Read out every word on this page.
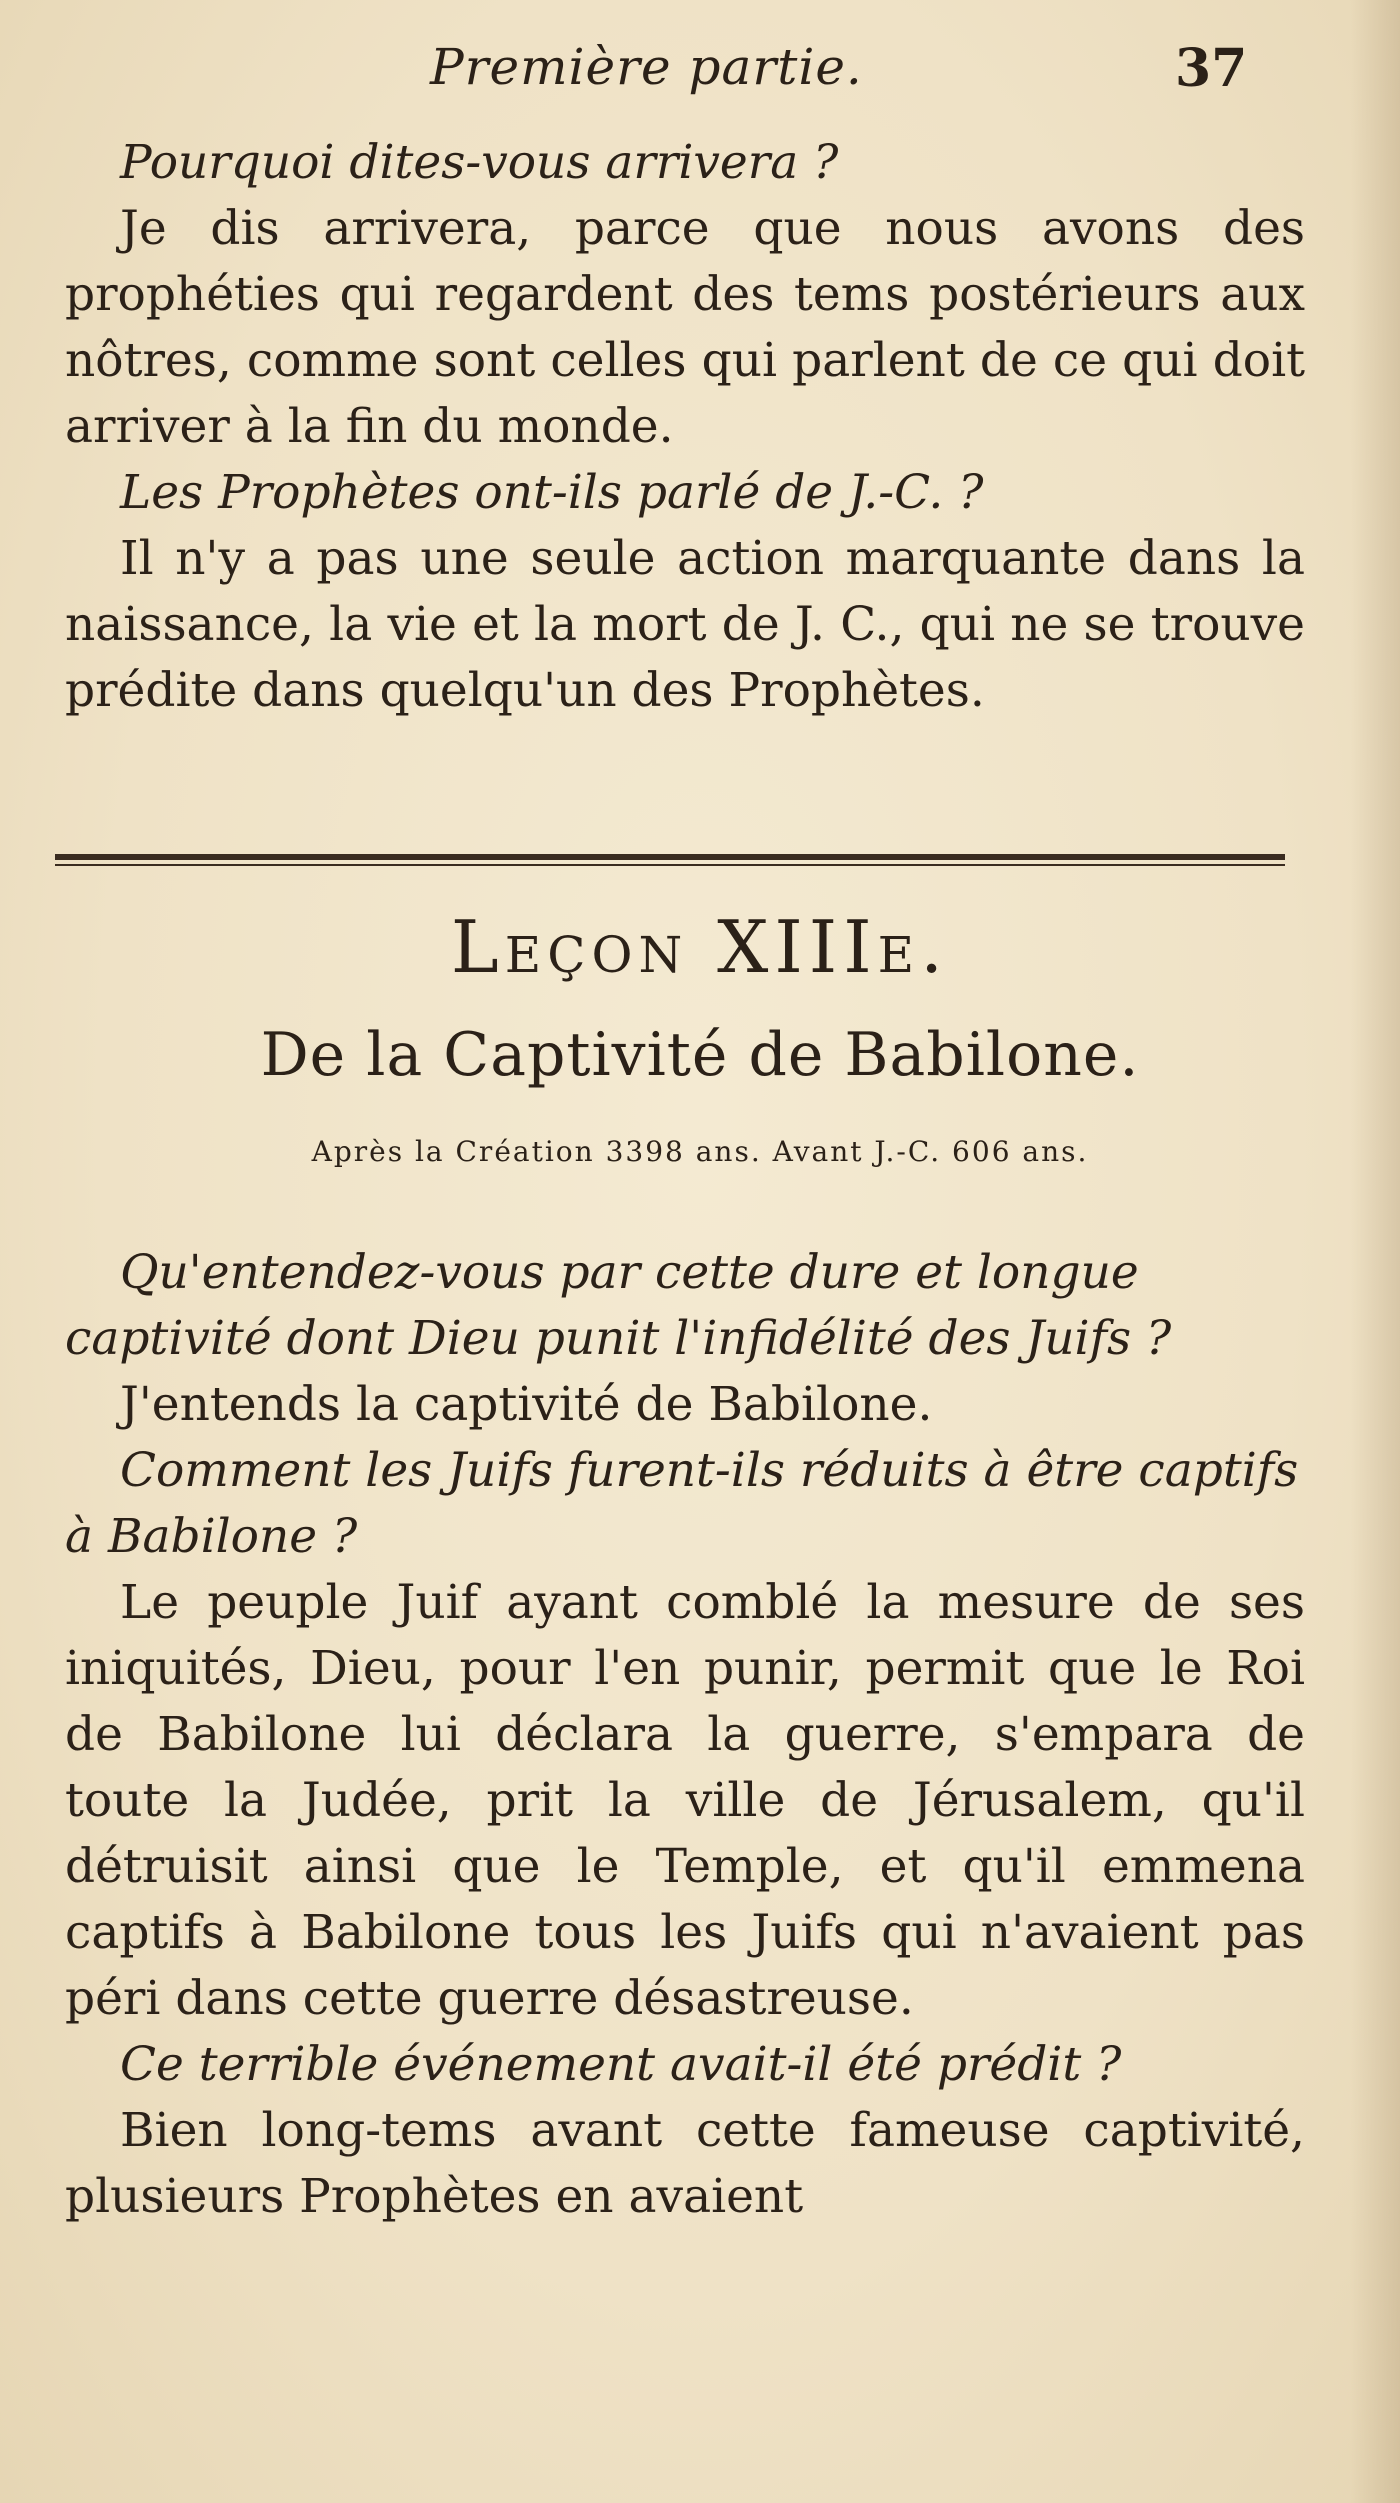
Première partie.	37

Pourquoi dites-vous arrivera ?

Je dis arrivera, parce que nous avons des prophéties qui regardent des tems postérieurs aux nôtres, comme sont celles qui parlent de ce qui doit arriver à la fin du monde.

Les Prophètes ont-ils parlé de J.-C. ?

Il n'y a pas une seule action marquante dans la naissance, la vie et la mort de J. C., qui ne se trouve prédite dans quelqu'un des Prophètes.

Leçon XIIIe.
De la Captivité de Babilone.
Après la Création 3398 ans. Avant J.-C. 606 ans.

Qu'entendez-vous par cette dure et longue captivité dont Dieu punit l'infidélité des Juifs ?

J'entends la captivité de Babilone.

Comment les Juifs furent-ils réduits à être captifs à Babilone ?

Le peuple Juif ayant comblé la mesure de ses iniquités, Dieu, pour l'en punir, permit que le Roi de Babilone lui déclara la guerre, s'empara de toute la Judée, prit la ville de Jérusalem, qu'il détruisit ainsi que le Temple, et qu'il emmena captifs à Babilone tous les Juifs qui n'avaient pas péri dans cette guerre désastreuse.

Ce terrible événement avait-il été prédit ?

Bien long-tems avant cette fameuse captivité, plusieurs Prophètes en avaient
